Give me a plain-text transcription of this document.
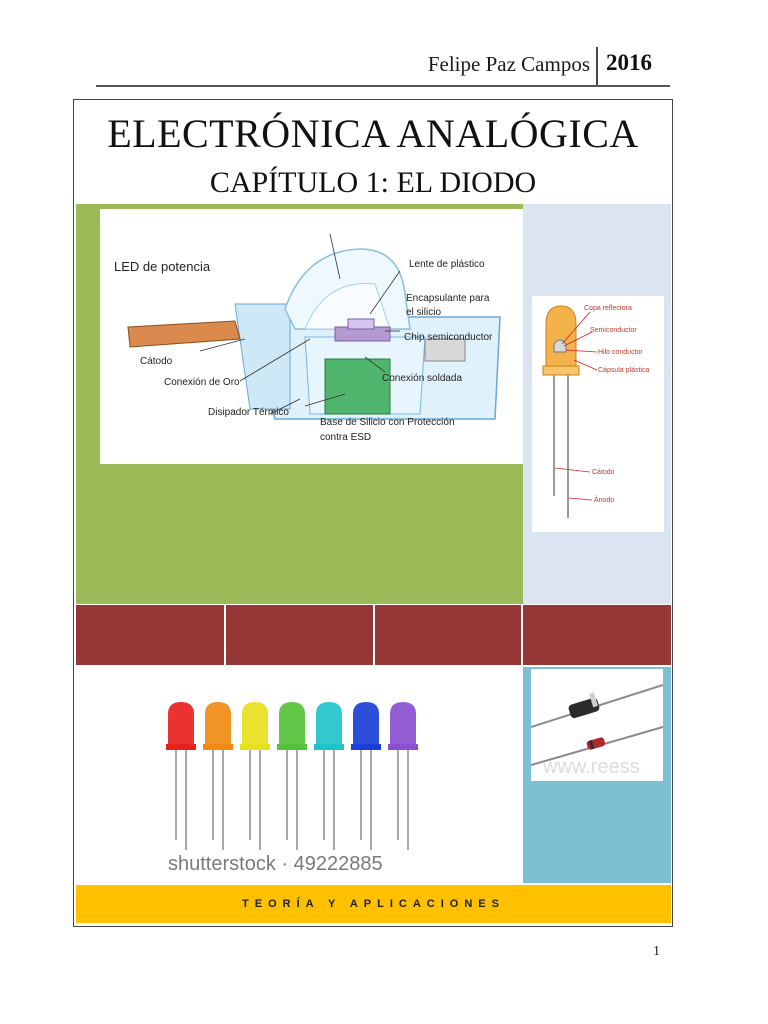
Felipe Paz Campos 2016
ELECTRÓNICA ANALÓGICA
CAPÍTULO 1: EL DIODO
LED de potencia	Lente de plástico
Encapsulante para
el silicio
Chip semiconductor
Cátodo
Conexión de Oro	Conexión soldada
Disipador Térmico
Base de Silicio con Protección
contra ESD
Copa reflectora
Semiconductor
Hilo conductor
Cápsula plástica
Cátodo
Ánodo
shutterstock · 49222885
www.reess
TEORÍA Y APLICACIONES
1
